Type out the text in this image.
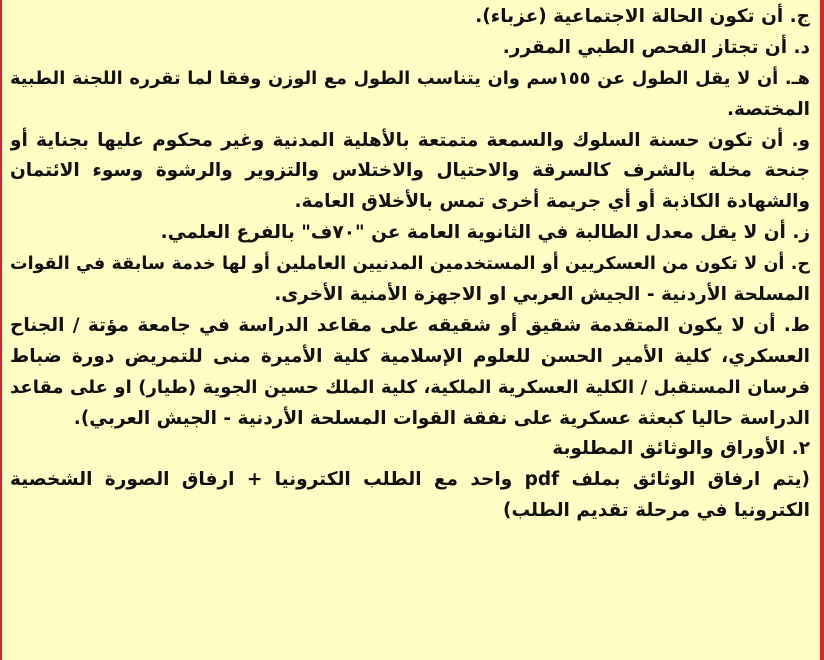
ج. أن تكون الحالة الاجتماعية (عزباء).
د. أن تجتاز الفحص الطبي المقرر.
هـ. أن لا يقل الطول عن ١٥٥سم وان يتناسب الطول مع الوزن وفقا لما تقرره اللجنة الطبية
المختصة.
و. أن تكون حسنة السلوك والسمعة متمتعة بالأهلية المدنية وغير محكوم عليها بجناية أو
جنحة مخلة بالشرف كالسرقة والاحتيال والاختلاس والتزوير والرشوة وسوء الائتمان
والشهادة الكاذبة أو أي جريمة أخرى تمس بالأخلاق العامة.
ز. أن لا يقل معدل الطالبة في الثانوية العامة عن "٧٠ف" بالفرع العلمي.
ح. أن لا تكون من العسكريين أو المستخدمين المدنيين العاملين أو لها خدمة سابقة في القوات
المسلحة الأردنية - الجيش العربي او الاجهزة الأمنية الأخرى.
ط. أن لا يكون المتقدمة شقيق أو شقيقه على مقاعد الدراسة في جامعة مؤتة / الجناح
العسكري، كلية الأمير الحسن للعلوم الإسلامية كلية الأميرة منى للتمريض دورة ضباط
فرسان المستقبل / الكلية العسكرية الملكية، كلية الملك حسين الجوية (طيار) او على مقاعد
الدراسة حاليا كبعثة عسكرية على نفقة القوات المسلحة الأردنية - الجيش العربي).
٢. الأوراق والوثائق المطلوبة
(يتم ارفاق الوثائق بملف pdf واحد مع الطلب الكترونيا + ارفاق الصورة الشخصية
الكترونيا في مرحلة تقديم الطلب)
